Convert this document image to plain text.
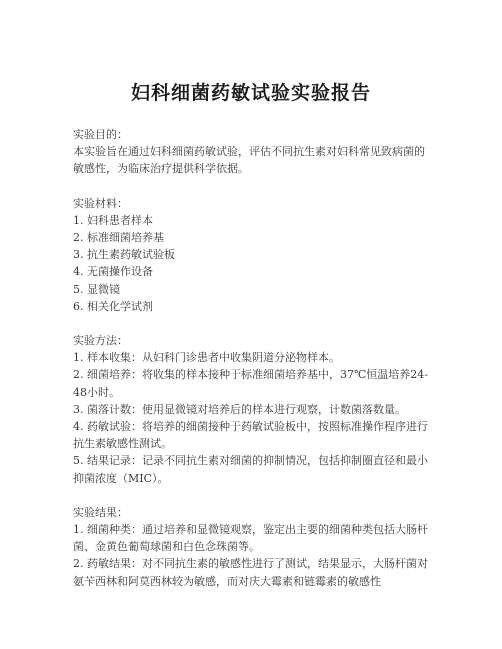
妇科细菌药敏试验实验报告

实验目的：

本实验旨在通过妇科细菌药敏试验，评估不同抗生素对妇科常见致病菌的敏感性，为临床治疗提供科学依据。

实验材料：

1. 妇科患者样本
2. 标准细菌培养基
3. 抗生素药敏试验板
4. 无菌操作设备
5. 显微镜
6. 相关化学试剂

实验方法：

1. 样本收集：从妇科门诊患者中收集阴道分泌物样本。
2. 细菌培养：将收集的样本接种于标准细菌培养基中，37℃恒温培养24-48小时。
3. 菌落计数：使用显微镜对培养后的样本进行观察，计数菌落数量。
4. 药敏试验：将培养的细菌接种于药敏试验板中，按照标准操作程序进行抗生素敏感性测试。
5. 结果记录：记录不同抗生素对细菌的抑制情况，包括抑制圈直径和最小抑菌浓度（MIC）。

实验结果：

1. 细菌种类：通过培养和显微镜观察，鉴定出主要的细菌种类包括大肠杆菌、金黄色葡萄球菌和白色念珠菌等。
2. 药敏结果：对不同抗生素的敏感性进行了测试，结果显示，大肠杆菌对氨苄西林和阿莫西林较为敏感，而对庆大霉素和链霉素的敏感性
